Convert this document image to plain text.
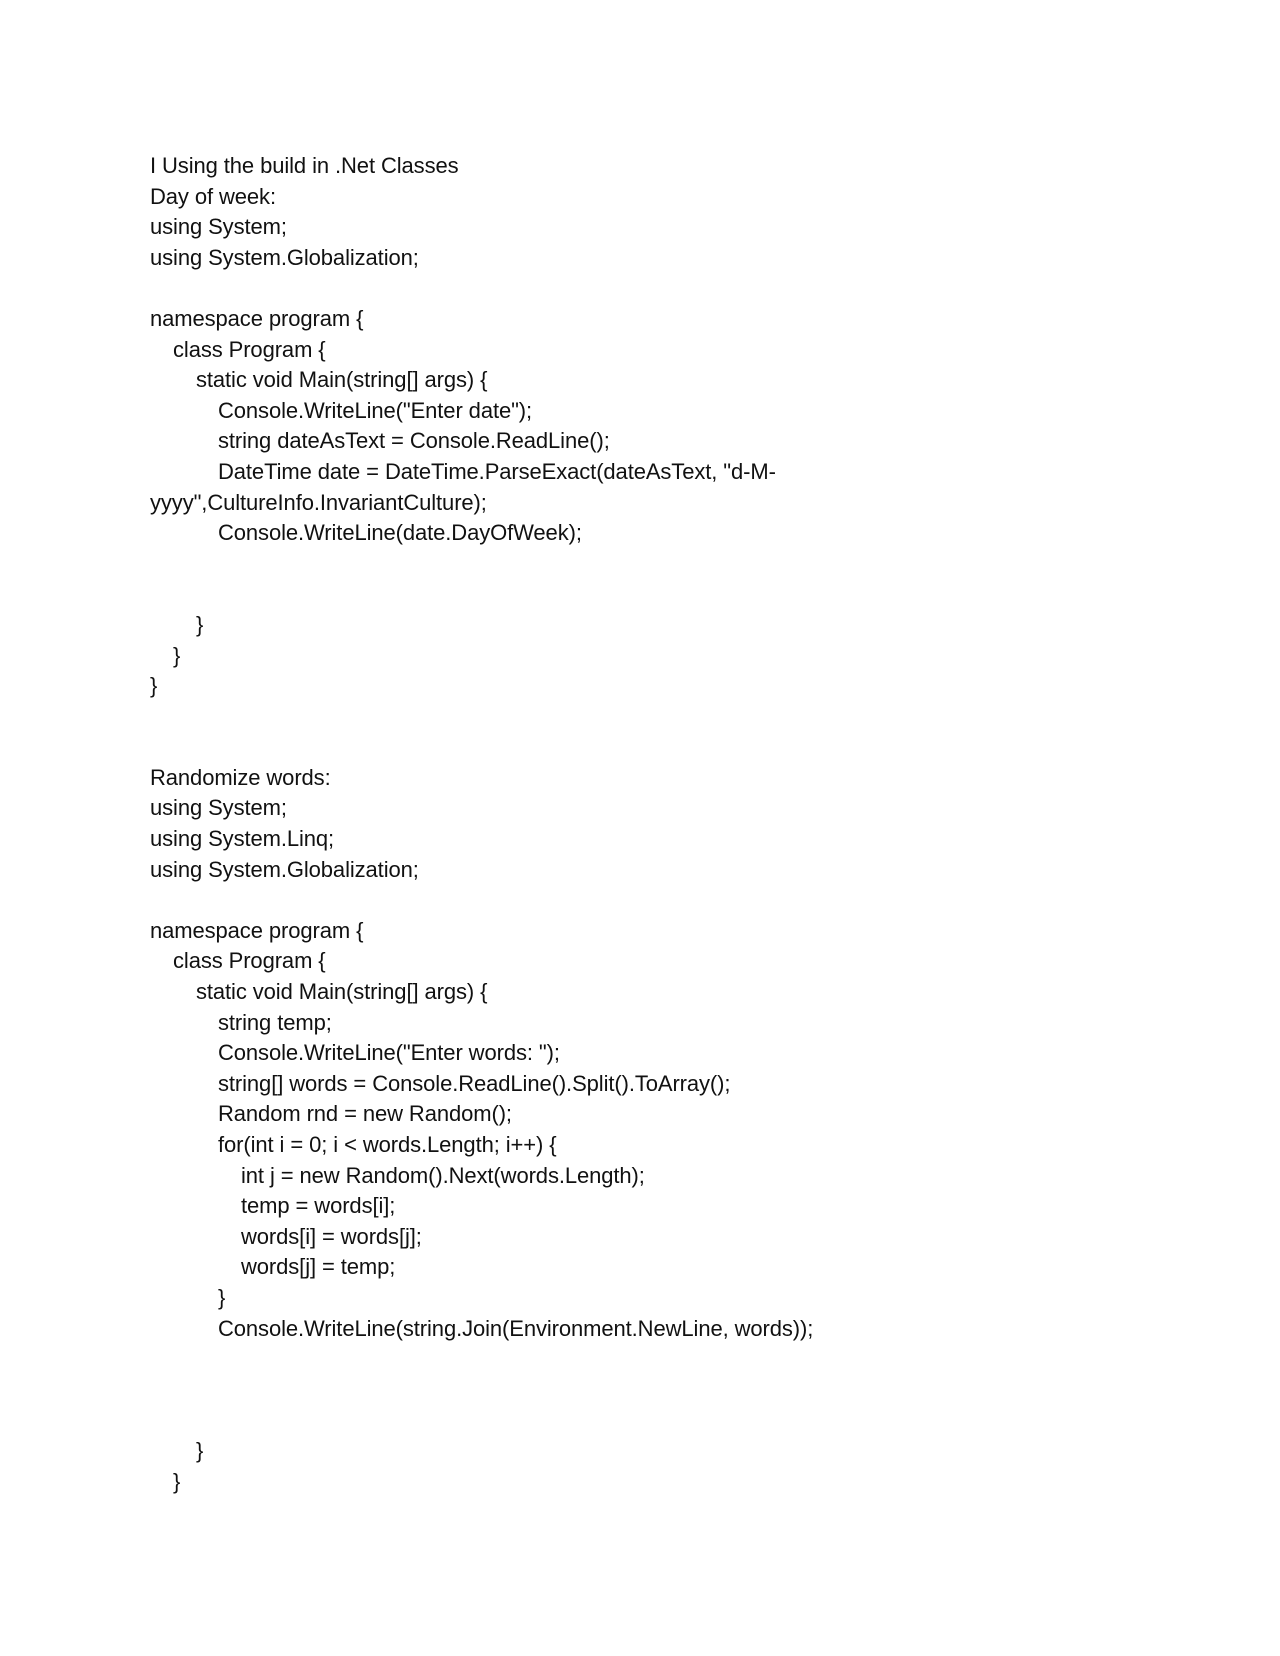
I Using the build in .Net Classes
Day of week:
using System;
using System.Globalization;
namespace program {
class Program {
static void Main(string[] args) {
Console.WriteLine("Enter date");
string dateAsText = Console.ReadLine();
DateTime date = DateTime.ParseExact(dateAsText, "d-M-
yyyy",CultureInfo.InvariantCulture);
Console.WriteLine(date.DayOfWeek);
}
}
}
Randomize words:
using System;
using System.Linq;
using System.Globalization;
namespace program {
class Program {
static void Main(string[] args) {
string temp;
Console.WriteLine("Enter words: ");
string[] words = Console.ReadLine().Split().ToArray();
Random rnd = new Random();
for(int i = 0; i < words.Length; i++) {
int j = new Random().Next(words.Length);
temp = words[i];
words[i] = words[j];
words[j] = temp;
}
Console.WriteLine(string.Join(Environment.NewLine, words));
}
}
